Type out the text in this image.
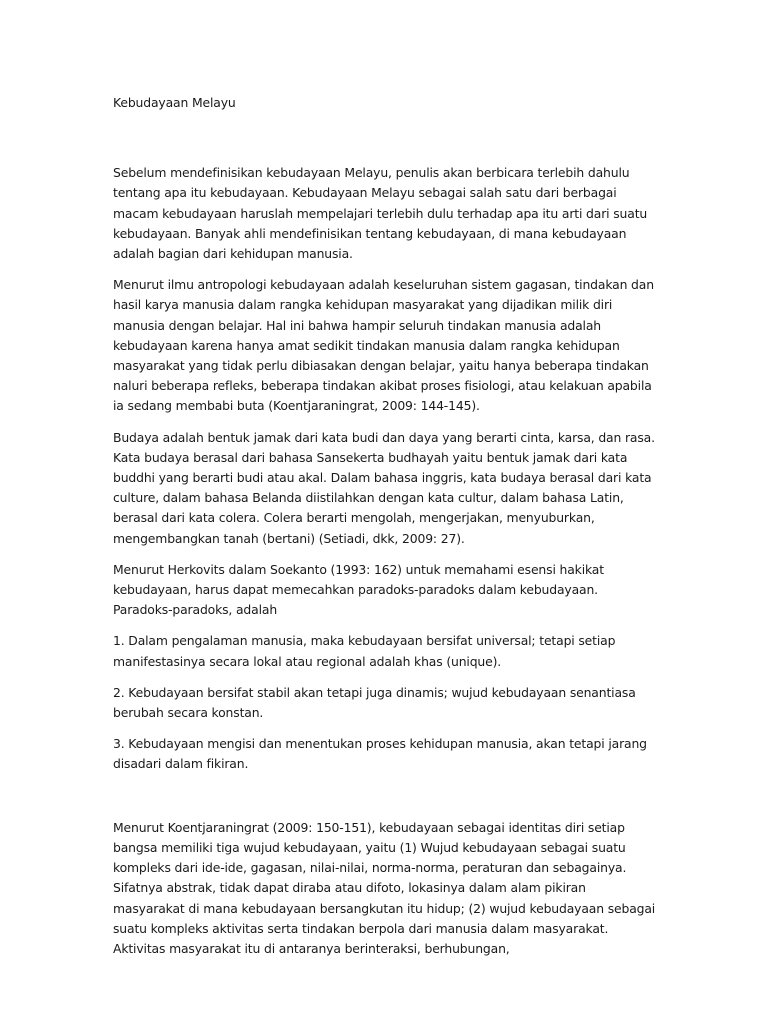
Kebudayaan Melayu

Sebelum mendefinisikan kebudayaan Melayu, penulis akan berbicara terlebih dahulu tentang apa itu kebudayaan. Kebudayaan Melayu sebagai salah satu dari berbagai macam kebudayaan haruslah mempelajari terlebih dulu terhadap apa itu arti dari suatu kebudayaan. Banyak ahli mendefinisikan tentang kebudayaan, di mana kebudayaan adalah bagian dari kehidupan manusia.

Menurut ilmu antropologi kebudayaan adalah keseluruhan sistem gagasan, tindakan dan hasil karya manusia dalam rangka kehidupan masyarakat yang dijadikan milik diri manusia dengan belajar. Hal ini bahwa hampir seluruh tindakan manusia adalah kebudayaan karena hanya amat sedikit tindakan manusia dalam rangka kehidupan masyarakat yang tidak perlu dibiasakan dengan belajar, yaitu hanya beberapa tindakan naluri beberapa refleks, beberapa tindakan akibat proses fisiologi, atau kelakuan apabila ia sedang membabi buta (Koentjaraningrat, 2009: 144-145).

Budaya adalah bentuk jamak dari kata budi dan daya yang berarti cinta, karsa, dan rasa. Kata budaya berasal dari bahasa Sansekerta budhayah yaitu bentuk jamak dari kata buddhi yang berarti budi atau akal. Dalam bahasa inggris, kata budaya berasal dari kata culture, dalam bahasa Belanda diistilahkan dengan kata cultur, dalam bahasa Latin, berasal dari kata colera. Colera berarti mengolah, mengerjakan, menyuburkan, mengembangkan tanah (bertani) (Setiadi, dkk, 2009: 27).

Menurut Herkovits dalam Soekanto (1993: 162) untuk memahami esensi hakikat kebudayaan, harus dapat memecahkan paradoks-paradoks dalam kebudayaan. Paradoks-paradoks, adalah

1. Dalam pengalaman manusia, maka kebudayaan bersifat universal; tetapi setiap manifestasinya secara lokal atau regional adalah khas (unique).

2. Kebudayaan bersifat stabil akan tetapi juga dinamis; wujud kebudayaan senantiasa berubah secara konstan.

3. Kebudayaan mengisi dan menentukan proses kehidupan manusia, akan tetapi jarang disadari dalam fikiran.

Menurut Koentjaraningrat (2009: 150-151), kebudayaan sebagai identitas diri setiap bangsa memiliki tiga wujud kebudayaan, yaitu (1) Wujud kebudayaan sebagai suatu kompleks dari ide-ide, gagasan, nilai-nilai, norma-norma, peraturan dan sebagainya. Sifatnya abstrak, tidak dapat diraba atau difoto, lokasinya dalam alam pikiran masyarakat di mana kebudayaan bersangkutan itu hidup; (2) wujud kebudayaan sebagai suatu kompleks aktivitas serta tindakan berpola dari manusia dalam masyarakat. Aktivitas masyarakat itu di antaranya berinteraksi, berhubungan,
